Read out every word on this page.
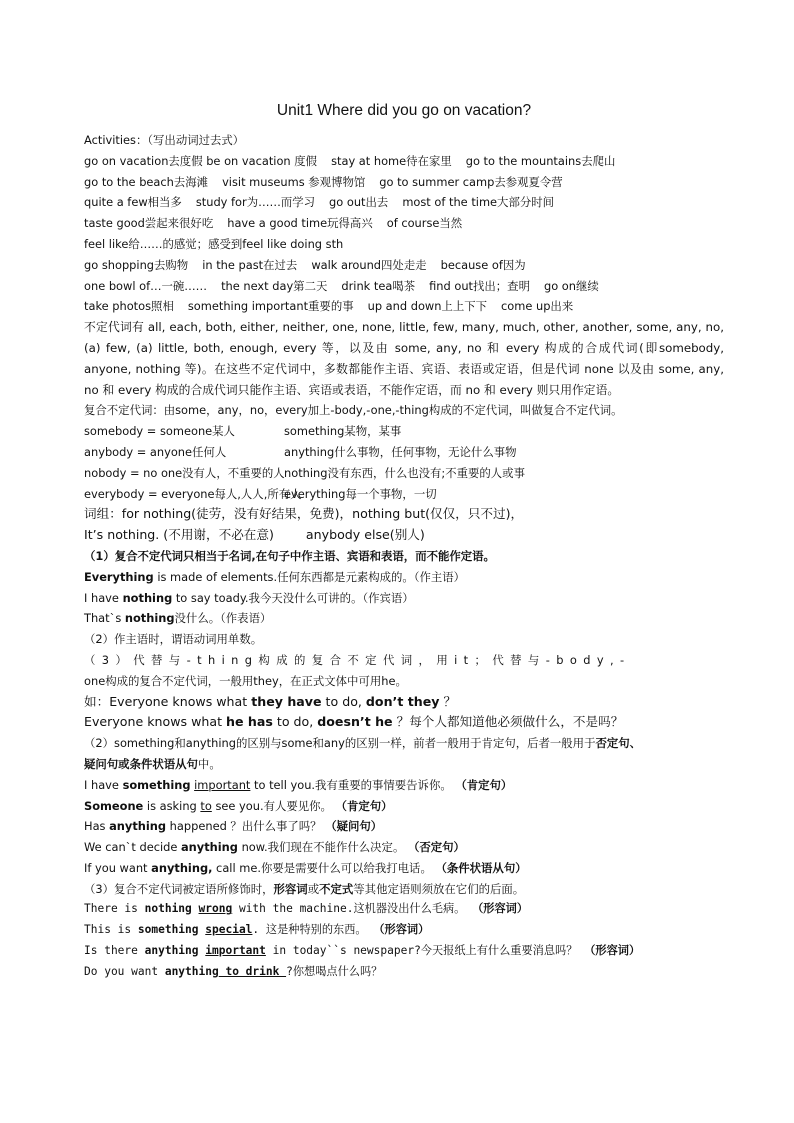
Unit1 Where did you go on vacation?
Activities：（写出动词过去式）
go on vacation去度假 be on vacation 度假 stay at home待在家里 go to the mountains去爬山
go to the beach去海滩 visit museums 参观博物馆 go to summer camp去参观夏令营
quite a few相当多 study for为……而学习 go out出去 most of the time大部分时间
taste good尝起来很好吃 have a good time玩得高兴 of course当然
feel like给……的感觉；感受到feel like doing sth
go shopping去购物 in the past在过去 walk around四处走走 because of因为
one bowl of…一碗…… the next day第二天 drink tea喝茶 find out找出；查明 go on继续
take photos照相 something important重要的事 up and down上上下下 come up出来
不定代词有 all, each, both, either, neither, one, none, little, few, many, much, other, another, some, any, no, (a) few, (a) little, both, enough, every 等，以及由 some, any, no 和 every 构成的合成代词(即somebody, anyone, nothing 等)。在这些不定代词中，多数都能作主语、宾语、表语或定语，但是代词 none 以及由 some, any, no 和 every 构成的合成代词只能作主语、宾语或表语，不能作定语，而 no 和 every 则只用作定语。
复合不定代词：由some，any，no，every加上-body,-one,-thing构成的不定代词，叫做复合不定代词。
somebody = someone某人	something某物，某事
anybody = anyone任何人	anything什么事物，任何事物，无论什么事物
nobody = no one没有人，不重要的人nothing没有东西，什么也没有;不重要的人或事
everybody = everyone每人,人人,所有人everything每一个事物，一切
词组：for nothing(徒劳，没有好结果，免费)，nothing but(仅仅，只不过)，
It’s nothing. (不用谢，不必在意)	anybody else(别人)
（1）复合不定代词只相当于名词,在句子中作主语、宾语和表语，而不能作定语。
Everything is made of elements.任何东西都是元素构成的。（作主语）
I have nothing to say toady.我今天没什么可讲的。（作宾语）
That`s nothing没什么。（作表语）
（2）作主语时，谓语动词用单数。
（3）代替与-thing构成的复合不定代词，用it；代替与-body,-
one构成的复合不定代词，一般用they，在正式文体中可用he。
如：Everyone knows what they have to do, don’t they ？
Everyone knows what he has to do, doesn’t he ？每个人都知道他必须做什么，不是吗？
（2）something和anything的区别与some和any的区别一样，前者一般用于肯定句，后者一般用于否定句、
疑问句或条件状语从句中。
I have something important to tell you.我有重要的事情要告诉你。 （肯定句）
Someone is asking to see you.有人要见你。 （肯定句）
Has anything happened ？出什么事了吗？ （疑问句）
We can`t decide anything now.我们现在不能作什么决定。 （否定句）
If you want anything, call me.你要是需要什么可以给我打电话。 （条件状语从句）
（3）复合不定代词被定语所修饰时，形容词或不定式等其他定语则须放在它们的后面。
There is nothing wrong with the machine.这机器没出什么毛病。 （形容词）
This is something special. 这是种特别的东西。 （形容词）
Is there anything important in today``s newspaper?今天报纸上有什么重要消息吗？ （形容词）
Do you want anything to drink ?你想喝点什么吗？
